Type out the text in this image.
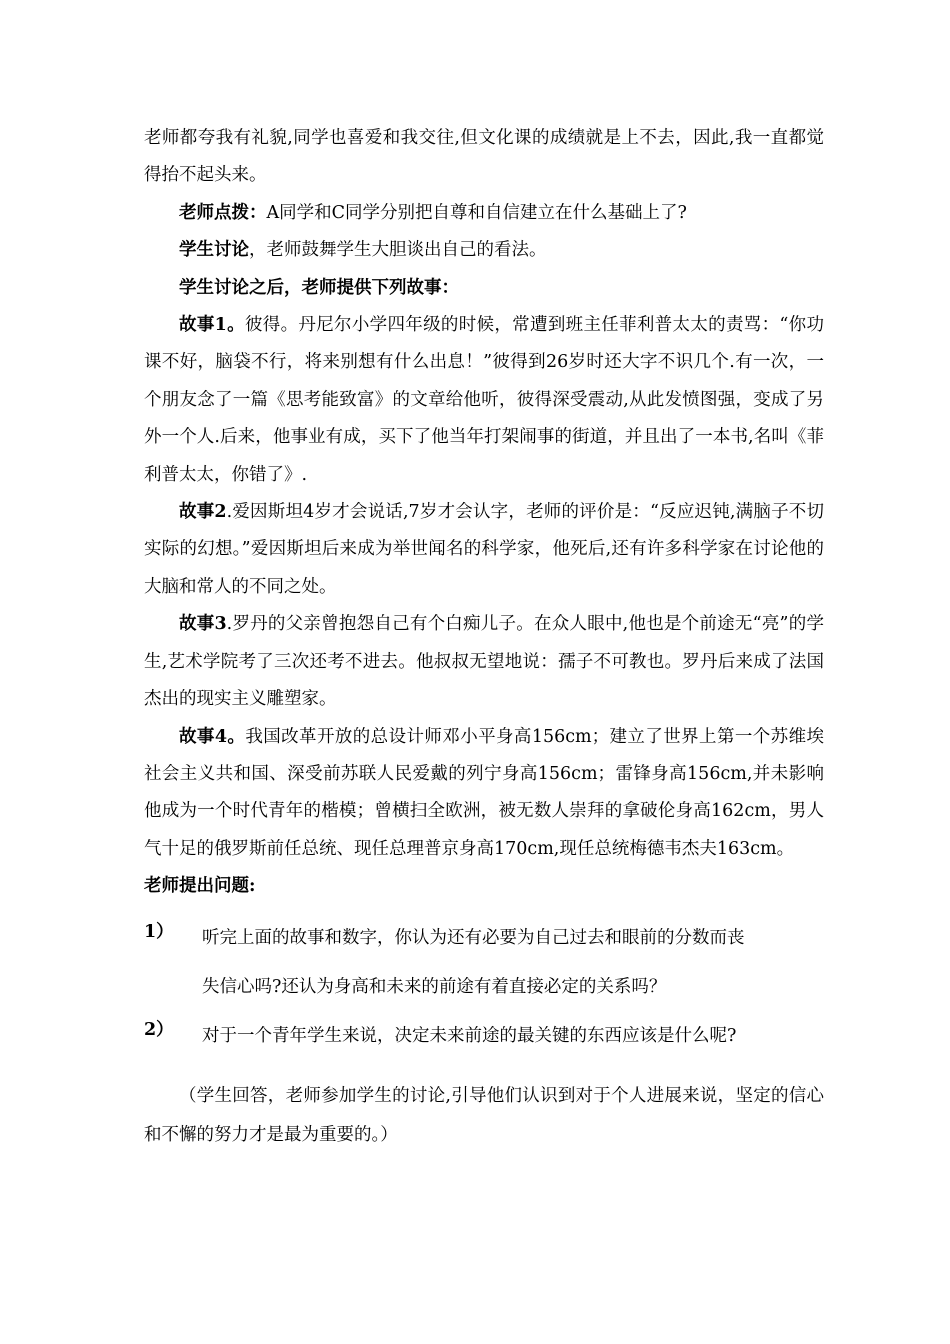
老师都夸我有礼貌,同学也喜爱和我交往,但文化课的成绩就是上不去，因此,我一直都觉得抬不起头来。

老师点拨：A同学和C同学分别把自尊和自信建立在什么基础上了?

学生讨论，老师鼓舞学生大胆谈出自己的看法。

学生讨论之后，老师提供下列故事：

故事1。彼得。丹尼尔小学四年级的时候，常遭到班主任菲利普太太的责骂：“你功课不好，脑袋不行，将来别想有什么出息！”彼得到26岁时还大字不识几个.有一次，一个朋友念了一篇《思考能致富》的文章给他听，彼得深受震动,从此发愤图强，变成了另外一个人.后来，他事业有成，买下了他当年打架闹事的街道，并且出了一本书,名叫《菲利普太太，你错了》.

故事2.爱因斯坦4岁才会说话,7岁才会认字，老师的评价是：“反应迟钝,满脑子不切实际的幻想。”爱因斯坦后来成为举世闻名的科学家，他死后,还有许多科学家在讨论他的大脑和常人的不同之处。

故事3.罗丹的父亲曾抱怨自己有个白痴儿子。在众人眼中,他也是个前途无“亮”的学生,艺术学院考了三次还考不进去。他叔叔无望地说：孺子不可教也。罗丹后来成了法国杰出的现实主义雕塑家。

故事4。我国改革开放的总设计师邓小平身高156cm；建立了世界上第一个苏维埃社会主义共和国、深受前苏联人民爱戴的列宁身高156cm；雷锋身高156cm,并未影响他成为一个时代青年的楷模；曾横扫全欧洲，被无数人崇拜的拿破伦身高162cm，男人气十足的俄罗斯前任总统、现任总理普京身高170cm,现任总统梅德韦杰夫163cm。

老师提出问题:

1）	听完上面的故事和数字，你认为还有必要为自己过去和眼前的分数而丧
失信心吗?还认为身高和未来的前途有着直接必定的关系吗？
2）	对于一个青年学生来说，决定未来前途的最关键的东西应该是什么呢?

（学生回答，老师参加学生的讨论,引导他们认识到对于个人进展来说，坚定的信心和不懈的努力才是最为重要的。）
